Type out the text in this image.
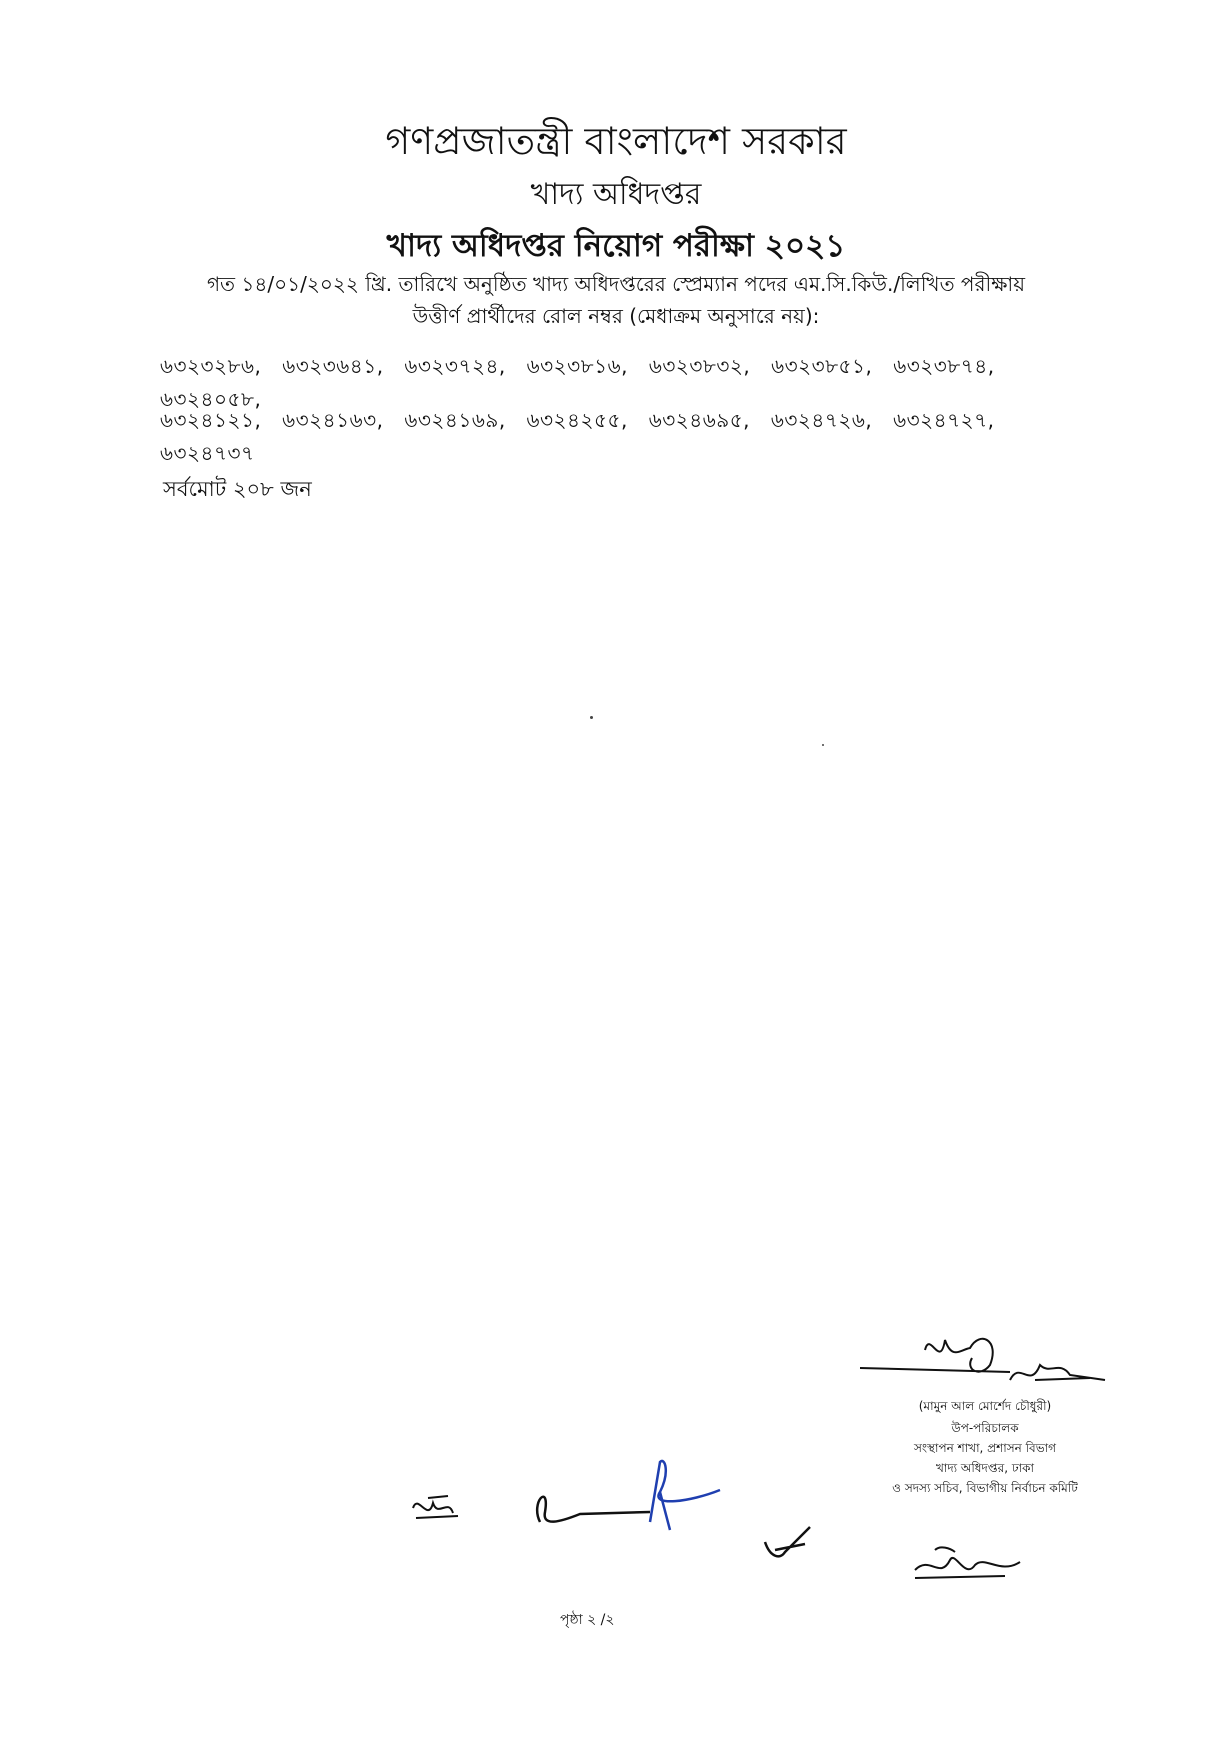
গণপ্রজাতন্ত্রী বাংলাদেশ সরকার
খাদ্য অধিদপ্তর
খাদ্য অধিদপ্তর নিয়োগ পরীক্ষা ২০২১
গত ১৪/০১/২০২২ খ্রি. তারিখে অনুষ্ঠিত খাদ্য অধিদপ্তরের স্প্রেম্যান পদের এম.সি.কিউ./লিখিত পরীক্ষায়
উত্তীর্ণ প্রার্থীদের রোল নম্বর (মেধাক্রম অনুসারে নয়):
৬৩২৩২৮৬, ৬৩২৩৬৪১, ৬৩২৩৭২৪, ৬৩২৩৮১৬, ৬৩২৩৮৩২, ৬৩২৩৮৫১, ৬৩২৩৮৭৪, ৬৩২৪০৫৮,
৬৩২৪১২১, ৬৩২৪১৬৩, ৬৩২৪১৬৯, ৬৩২৪২৫৫, ৬৩২৪৬৯৫, ৬৩২৪৭২৬, ৬৩২৪৭২৭, ৬৩২৪৭৩৭
সর্বমোট ২০৮ জন
(মামুন আল মোর্শেদ চৌধুরী)
উপ-পরিচালক
সংস্থাপন শাখা, প্রশাসন বিভাগ
খাদ্য অধিদপ্তর, ঢাকা
ও সদস্য সচিব, বিভাগীয় নির্বাচন কমিটি
পৃষ্ঠা ২ /২
